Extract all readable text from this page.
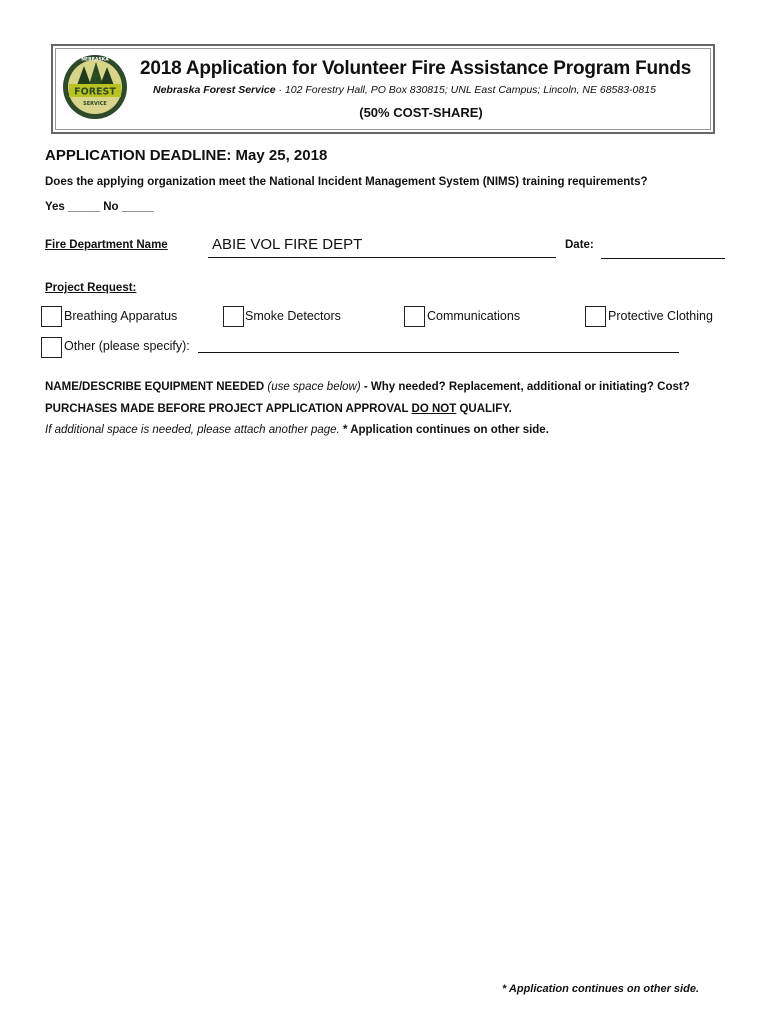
FOREST
NEBRASKA
SERVICE
2018 Application for Volunteer Fire Assistance Program Funds
Nebraska Forest Service · 102 Forestry Hall, PO Box 830815; UNL East Campus; Lincoln, NE 68583-0815
(50% COST-SHARE)
APPLICATION DEADLINE: May 25, 2018
Does the applying organization meet the National Incident Management System (NIMS) training requirements?
Yes _____ No _____
Fire Department Name	ABIE VOL FIRE DEPT	Date:
Project Request:
Breathing Apparatus	Smoke Detectors	Communications	Protective Clothing
Other (please specify):
NAME/DESCRIBE EQUIPMENT NEEDED (use space below) - Why needed? Replacement, additional or initiating? Cost?
PURCHASES MADE BEFORE PROJECT APPLICATION APPROVAL DO NOT QUALIFY.
If additional space is needed, please attach another page. * Application continues on other side.
* Application continues on other side.
